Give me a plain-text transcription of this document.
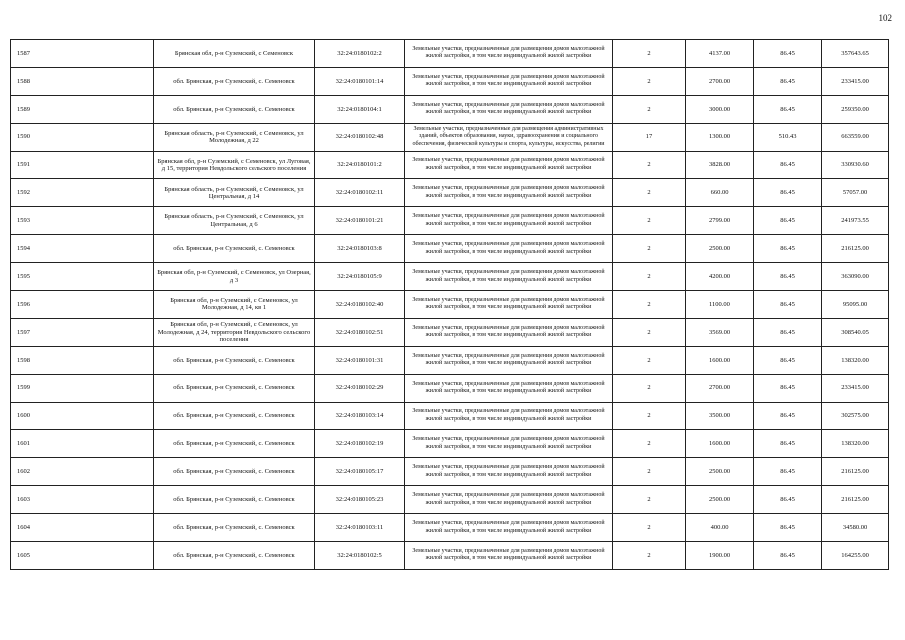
102
1587	Брянская обл, р-н Суземский, с Семеновск	32:24:0180102:2	Земельные участки, предназначенные для размещения домов малоэтажной жилой застройки, в том числе индивидуальной жилой застройки	2	4137.00	86.45	357643.65
1588	обл. Брянская, р-н Суземский, с. Семеновск	32:24:0180101:14	Земельные участки, предназначенные для размещения домов малоэтажной жилой застройки, в том числе индивидуальной жилой застройки	2	2700.00	86.45	233415.00
1589	обл. Брянская, р-н Суземский, с. Семеновск	32:24:0180104:1	Земельные участки, предназначенные для размещения домов малоэтажной жилой застройки, в том числе индивидуальной жилой застройки	2	3000.00	86.45	259350.00
1590	Брянская область, р-н Суземский, с Семеновск, ул Молодежная, д 22	32:24:0180102:48	Земельные участки, предназначенные для размещения административных зданий, объектов образования, науки, здравоохранения и социального обеспечения, физической культуры и спорта, культуры, искусства, религии	17	1300.00	510.43	663559.00
1591	Брянская обл, р-н Суземский, с Семеновск, ул Луговая, д 15, территория Невдольского сельского поселения	32:24:0180101:2	Земельные участки, предназначенные для размещения домов малоэтажной жилой застройки, в том числе индивидуальной жилой застройки	2	3828.00	86.45	330930.60
1592	Брянская область, р-н Суземский, с Семеновск, ул Центральная, д 14	32:24:0180102:11	Земельные участки, предназначенные для размещения домов малоэтажной жилой застройки, в том числе индивидуальной жилой застройки	2	660.00	86.45	57057.00
1593	Брянская область, р-н Суземский, с Семеновск, ул Центральная, д 6	32:24:0180101:21	Земельные участки, предназначенные для размещения домов малоэтажной жилой застройки, в том числе индивидуальной жилой застройки	2	2799.00	86.45	241973.55
1594	обл. Брянская, р-н Суземский, с. Семеновск	32:24:0180103:8	Земельные участки, предназначенные для размещения домов малоэтажной жилой застройки, в том числе индивидуальной жилой застройки	2	2500.00	86.45	216125.00
1595	Брянская обл, р-н Суземский, с Семеновск, ул Озерная, д 3	32:24:0180105:9	Земельные участки, предназначенные для размещения домов малоэтажной жилой застройки, в том числе индивидуальной жилой застройки	2	4200.00	86.45	363090.00
1596	Брянская обл, р-н Суземский, с Семеновск, ул Молодежная, д 14, кв 1	32:24:0180102:40	Земельные участки, предназначенные для размещения домов малоэтажной жилой застройки, в том числе индивидуальной жилой застройки	2	1100.00	86.45	95095.00
1597	Брянская обл, р-н Суземский, с Семеновск, ул Молодежная, д 24, территория Невдольского сельского поселения	32:24:0180102:51	Земельные участки, предназначенные для размещения домов малоэтажной жилой застройки, в том числе индивидуальной жилой застройки	2	3569.00	86.45	308540.05
1598	обл. Брянская, р-н Суземский, с. Семеновск	32:24:0180101:31	Земельные участки, предназначенные для размещения домов малоэтажной жилой застройки, в том числе индивидуальной жилой застройки	2	1600.00	86.45	138320.00
1599	обл. Брянская, р-н Суземский, с. Семеновск	32:24:0180102:29	Земельные участки, предназначенные для размещения домов малоэтажной жилой застройки, в том числе индивидуальной жилой застройки	2	2700.00	86.45	233415.00
1600	обл. Брянская, р-н Суземский, с. Семеновск	32:24:0180103:14	Земельные участки, предназначенные для размещения домов малоэтажной жилой застройки, в том числе индивидуальной жилой застройки	2	3500.00	86.45	302575.00
1601	обл. Брянская, р-н Суземский, с. Семеновск	32:24:0180102:19	Земельные участки, предназначенные для размещения домов малоэтажной жилой застройки, в том числе индивидуальной жилой застройки	2	1600.00	86.45	138320.00
1602	обл. Брянская, р-н Суземский, с. Семеновск	32:24:0180105:17	Земельные участки, предназначенные для размещения домов малоэтажной жилой застройки, в том числе индивидуальной жилой застройки	2	2500.00	86.45	216125.00
1603	обл. Брянская, р-н Суземский, с. Семеновск	32:24:0180105:23	Земельные участки, предназначенные для размещения домов малоэтажной жилой застройки, в том числе индивидуальной жилой застройки	2	2500.00	86.45	216125.00
1604	обл. Брянская, р-н Суземский, с. Семеновск	32:24:0180103:11	Земельные участки, предназначенные для размещения домов малоэтажной жилой застройки, в том числе индивидуальной жилой застройки	2	400.00	86.45	34580.00
1605	обл. Брянская, р-н Суземский, с. Семеновск	32:24:0180102:5	Земельные участки, предназначенные для размещения домов малоэтажной жилой застройки, в том числе индивидуальной жилой застройки	2	1900.00	86.45	164255.00
